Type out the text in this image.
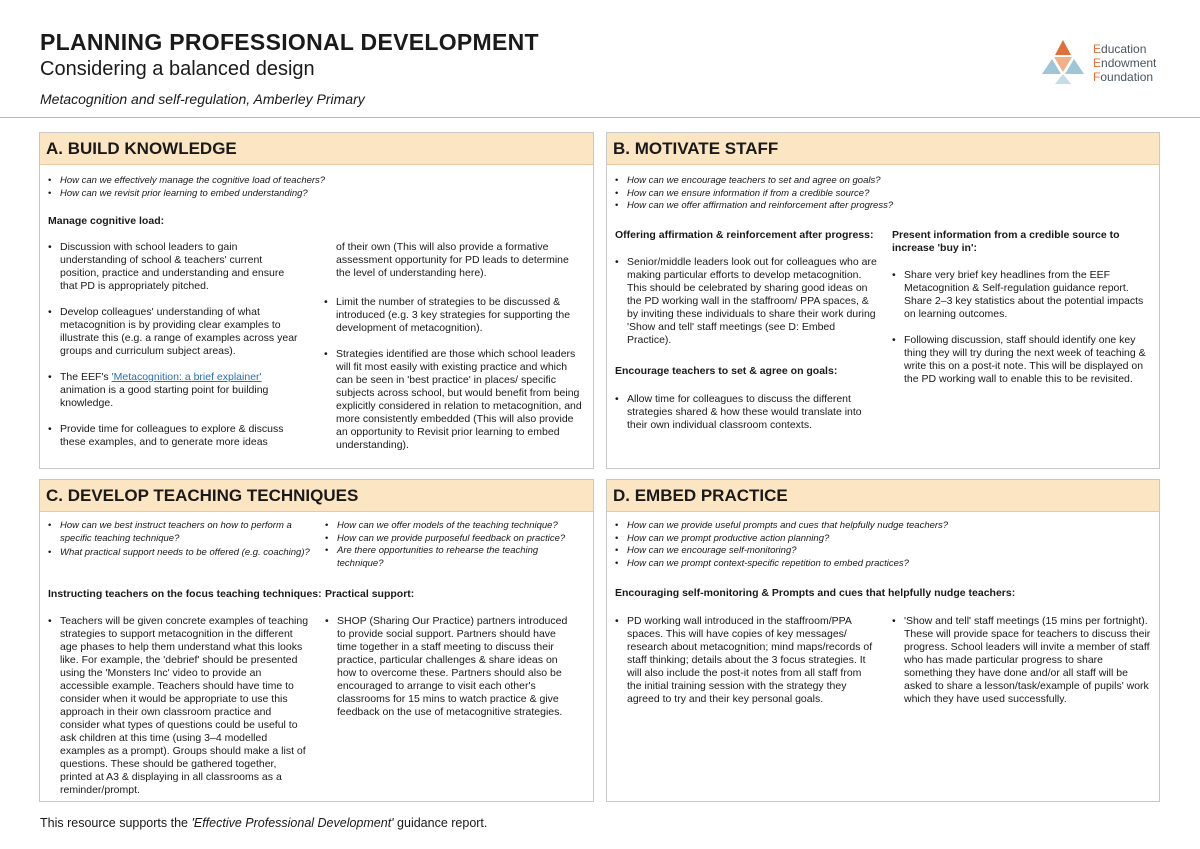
PLANNING PROFESSIONAL DEVELOPMENT
Considering a balanced design
Metacognition and self-regulation, Amberley Primary
Education
Endowment
Foundation
A. BUILD KNOWLEDGE
• How can we effectively manage the cognitive load of teachers?
• How can we revisit prior learning to embed understanding?
Manage cognitive load:
• Discussion with school leaders to gain understanding of school & teachers' current position, practice and understanding and ensure that PD is appropriately pitched.
• Develop colleagues' understanding of what metacognition is by providing clear examples to illustrate this (e.g. a range of examples across year groups and curriculum subject areas).
• The EEF's 'Metacognition: a brief explainer' animation is a good starting point for building knowledge.
• Provide time for colleagues to explore & discuss these examples, and to generate more ideas
of their own (This will also provide a formative assessment opportunity for PD leads to determine the level of understanding here).
• Limit the number of strategies to be discussed & introduced (e.g. 3 key strategies for supporting the development of metacognition).
• Strategies identified are those which school leaders will fit most easily with existing practice and which can be seen in 'best practice' in places/ specific subjects across school, but would benefit from being explicitly considered in relation to metacognition, and more consistently embedded (This will also provide an opportunity to Revisit prior learning to embed understanding).
B. MOTIVATE STAFF
• How can we encourage teachers to set and agree on goals?
• How can we ensure information if from a credible source?
• How can we offer affirmation and reinforcement after progress?
Offering affirmation & reinforcement after progress:
• Senior/middle leaders look out for colleagues who are making particular efforts to develop metacognition. This should be celebrated by sharing good ideas on the PD working wall in the staffroom/ PPA spaces, & by inviting these individuals to share their work during 'Show and tell' staff meetings (see D: Embed Practice).
Encourage teachers to set & agree on goals:
• Allow time for colleagues to discuss the different strategies shared & how these would translate into their own individual classroom contexts.
Present information from a credible source to increase 'buy in':
• Share very brief key headlines from the EEF Metacognition & Self-regulation guidance report. Share 2–3 key statistics about the potential impacts on learning outcomes.
• Following discussion, staff should identify one key thing they will try during the next week of teaching & write this on a post-it note. This will be displayed on the PD working wall to enable this to be revisited.
C. DEVELOP TEACHING TECHNIQUES
• How can we best instruct teachers on how to perform a specific teaching technique?
• What practical support needs to be offered (e.g. coaching)?
• How can we offer models of the teaching technique?
• How can we provide purposeful feedback on practice?
• Are there opportunities to rehearse the teaching technique?
Instructing teachers on the focus teaching techniques:
• Teachers will be given concrete examples of teaching strategies to support metacognition in the different age phases to help them understand what this looks like. For example, the 'debrief' should be presented using the 'Monsters Inc' video to provide an accessible example. Teachers should have time to consider when it would be appropriate to use this approach in their own classroom practice and consider what types of questions could be useful to ask children at this time (using 3–4 modelled examples as a prompt). Groups should make a list of questions. These should be gathered together, printed at A3 & displaying in all classrooms as a reminder/prompt.
Practical support:
• SHOP (Sharing Our Practice) partners introduced to provide social support. Partners should have time together in a staff meeting to discuss their practice, particular challenges & share ideas on how to overcome these. Partners should also be encouraged to arrange to visit each other's classrooms for 15 mins to watch practice & give feedback on the use of metacognitive strategies.
D. EMBED PRACTICE
• How can we provide useful prompts and cues that helpfully nudge teachers?
• How can we prompt productive action planning?
• How can we encourage self-monitoring?
• How can we prompt context-specific repetition to embed practices?
Encouraging self-monitoring & Prompts and cues that helpfully nudge teachers:
• PD working wall introduced in the staffroom/PPA spaces. This will have copies of key messages/ research about metacognition; mind maps/records of staff thinking; details about the 3 focus strategies. It will also include the post-it notes from all staff from the initial training session with the strategy they agreed to try and their key personal goals.
• 'Show and tell' staff meetings (15 mins per fortnight). These will provide space for teachers to discuss their progress. School leaders will invite a member of staff who has made particular progress to share something they have done and/or all staff will be asked to share a lesson/task/example of pupils' work which they have used successfully.
This resource supports the 'Effective Professional Development' guidance report.
